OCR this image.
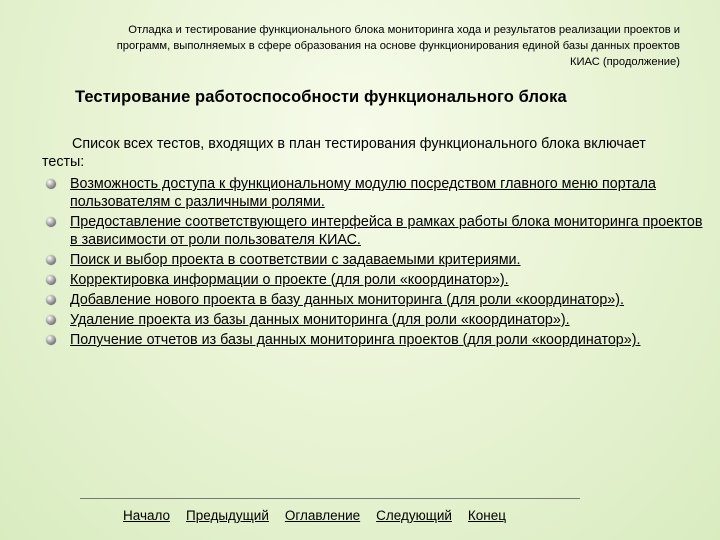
Отладка и тестирование функционального блока мониторинга хода и результатов реализации проектов и
программ, выполняемых в сфере образования на основе функционирования единой базы данных проектов
КИАС (продолжение)

Тестирование работоспособности функционального блока

Список всех тестов, входящих в план тестирования функционального блока включает тесты:

Возможность доступа к функциональному модулю посредством главного меню портала пользователям с различными ролями.
Предоставление соответствующего интерфейса в рамках работы блока мониторинга проектов в зависимости от роли пользователя КИАС.
Поиск и выбор проекта в соответствии с задаваемыми критериями.
Корректировка информации о проекте (для роли «координатор»).
Добавление нового проекта в базу данных мониторинга (для роли «координатор»).
Удаление проекта из базы данных мониторинга (для роли «координатор»).
Получение отчетов из базы данных мониторинга проектов (для роли «координатор»).
Начало Предыдущий Оглавление Следующий Конец
